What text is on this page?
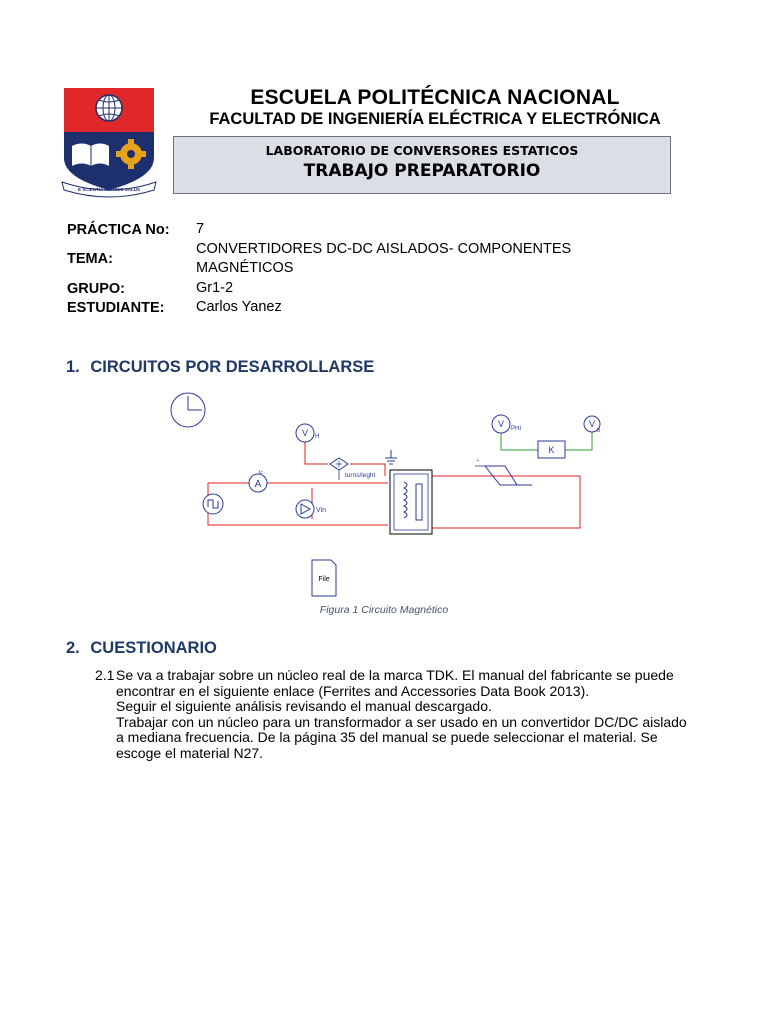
E SCIENTIA HOMINIS SALUS
ESCUELA POLITÉCNICA NACIONAL
FACULTAD DE INGENIERÍA ELÉCTRICA Y ELECTRÓNICA
LABORATORIO DE CONVERSORES ESTATICOS
TRABAJO PREPARATORIO
PRÁCTICA No: 7
TEMA:
CONVERTIDORES DC-DC AISLADOS- COMPONENTES
MAGNÉTICOS
GRUPO:	Gr1-2
ESTUDIANTE: Carlos Yanez
1. CIRCUITOS POR DESARROLLARSE
A
Ic
Vin
V H
turns/leght
•
V PHI
K
V
B
File
Figura 1 Circuito Magnético
2. CUESTIONARIO
2.1 Se va a trabajar sobre un núcleo real de la marca TDK. El manual del fabricante se puede
encontrar en el siguiente enlace (Ferrites and Accessories Data Book 2013).
Seguir el siguiente análisis revisando el manual descargado.
Trabajar con un núcleo para un transformador a ser usado en un convertidor DC/DC aislado
a mediana frecuencia. De la página 35 del manual se puede seleccionar el material. Se
escoge el material N27.
